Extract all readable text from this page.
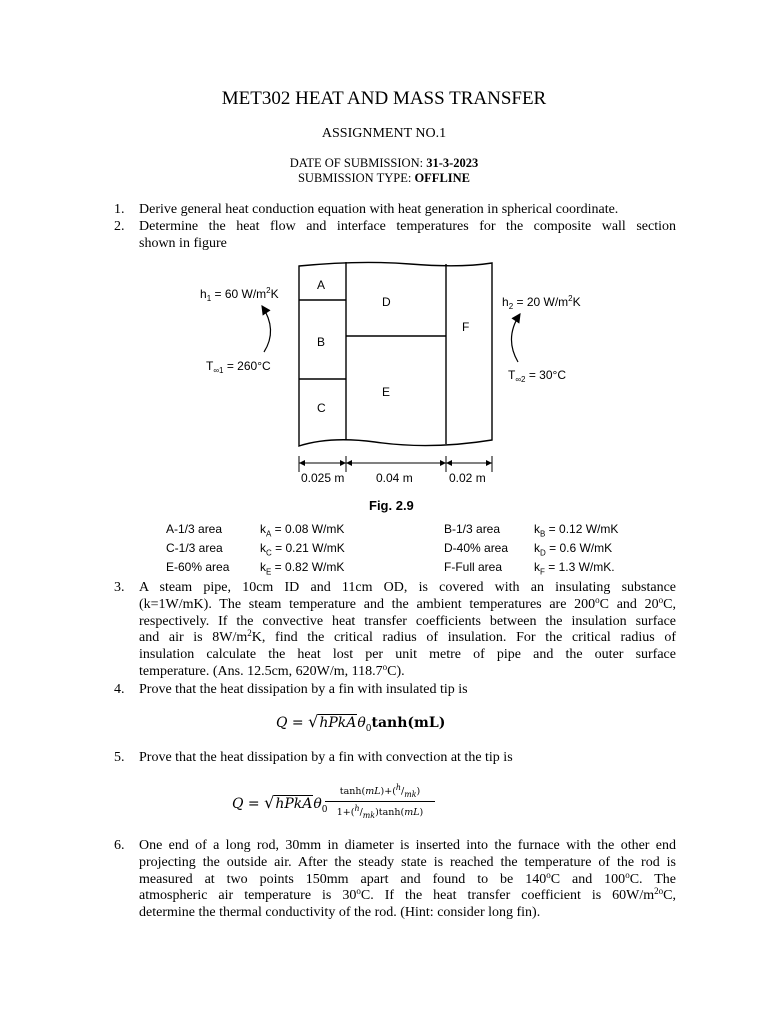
MET302 HEAT AND MASS TRANSFER
ASSIGNMENT NO.1
DATE OF SUBMISSION: 31-3-2023
SUBMISSION TYPE: OFFLINE
1. Derive general heat conduction equation with heat generation in spherical coordinate.
2. Determine the heat flow and interface temperatures for the composite wall section
shown in figure
A
B
C
D
E
F
$h_1 = 60$ $W/m^2K$
$h_2 = 20$ $W/m^2K$
$T_{\infty 1} = 260^\circ C$
$T_{\infty 2} = 30^\circ C$
0.025 m	0.04 m	0.02 m
Fig. 2.9
A-1/3 area	$k_A = 0.08$ W/mK	B-1/3 area	$k_B = 0.12$ W/mK
C-1/3 area	$k_C = 0.21$ W/mK	D-40% area $k_D = 0.6$ W/mK
E-60% area	$k_E = 0.82$ W/mK	F-Full area	$k_F = 1.3$ W/mK.
3. A steam pipe, 10cm ID and 11cm OD, is covered with an insulating substance
(k=1W/mK). The steam temperature and the ambient temperatures are 200$^o$C and 20$^o$C,
respectively. If the convective heat transfer coefficients between the insulation surface
and air is $8W/m^2K$, find the critical radius of insulation. For the critical radius of
insulation calculate the heat lost per unit metre of pipe and the outer surface
temperature. (Ans. 12.5cm, 620W/m, 118.7$^o$C).
4. Prove that the heat dissipation by a fin with insulated tip is
Q = √hPkAθ$_0$tanh(mL)
5. Prove that the heat dissipation by a fin with convection at the tip is
Q = √hPkAθ$_0$
$\frac{\tanh(mL)+(^h/_{mk})}{1+(^h/_{mk})\tanh(mL)}$
6. One end of a long rod, 30mm in diameter is inserted into the furnace with the other end
projecting the outside air. After the steady state is reached the temperature of the rod is
measured at two points 150mm apart and found to be 140$^o$C and 100$^o$C. The
atmospheric air temperature is 30$^o$C. If the heat transfer coefficient is $60W/m^{2o}C$,
determine the thermal conductivity of the rod. (Hint: consider long fin).
